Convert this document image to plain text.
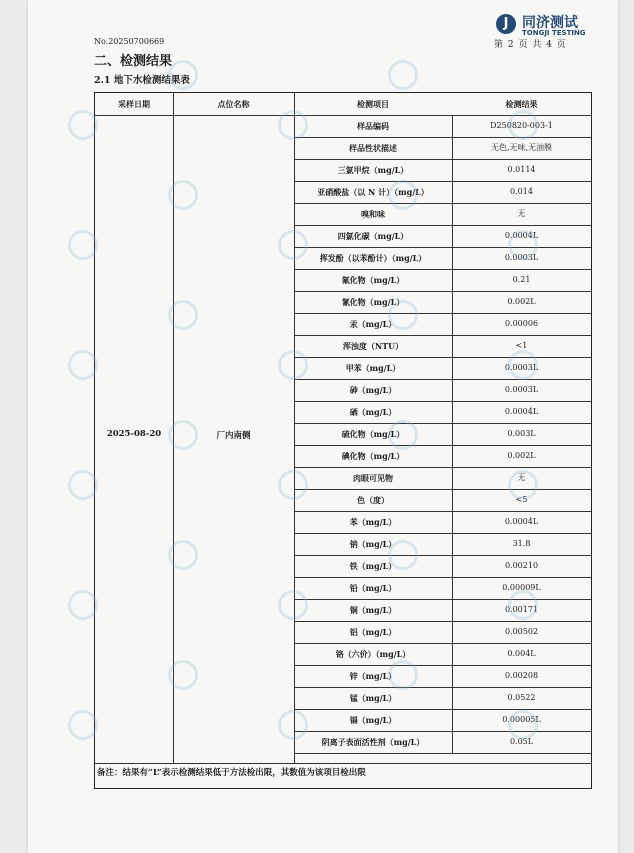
J 同济测试
TONGJI TESTING
No.20250700669	第 2 页 共 4 页
二、检测结果
2.1 地下水检测结果表
采样日期	点位名称	检测项目	检测结果
2025-08-20	厂内南侧
样品编码	D250820-003-1
样品性状描述	无色,无味,无油膜
三氯甲烷（mg/L）	0.0114
亚硝酸盐（以 N 计）（mg/L）	0.014
嗅和味	无
四氯化碳（mg/L）	0.0004L
挥发酚（以苯酚计）（mg/L）	0.0003L
氟化物（mg/L）	0.21
氰化物（mg/L）	0.002L
汞（mg/L）	0.00006
浑浊度（NTU）	<1
甲苯（mg/L）	0.0003L
砷（mg/L）	0.0003L
硒（mg/L）	0.0004L
硫化物（mg/L）	0.003L
碘化物（mg/L）	0.002L
肉眼可见物	无
色（度）	<5
苯（mg/L）	0.0004L
钠（mg/L）	31.8
铁（mg/L）	0.00210
铅（mg/L）	0.00009L
铜（mg/L）	0.00171
铝（mg/L）	0.00502
铬（六价）（mg/L）	0.004L
锌（mg/L）	0.00208
锰（mg/L）	0.0522
镉（mg/L）	0.00005L
阴离子表面活性剂（mg/L）	0.05L
备注：结果有“L”表示检测结果低于方法检出限，其数值为该项目检出限
